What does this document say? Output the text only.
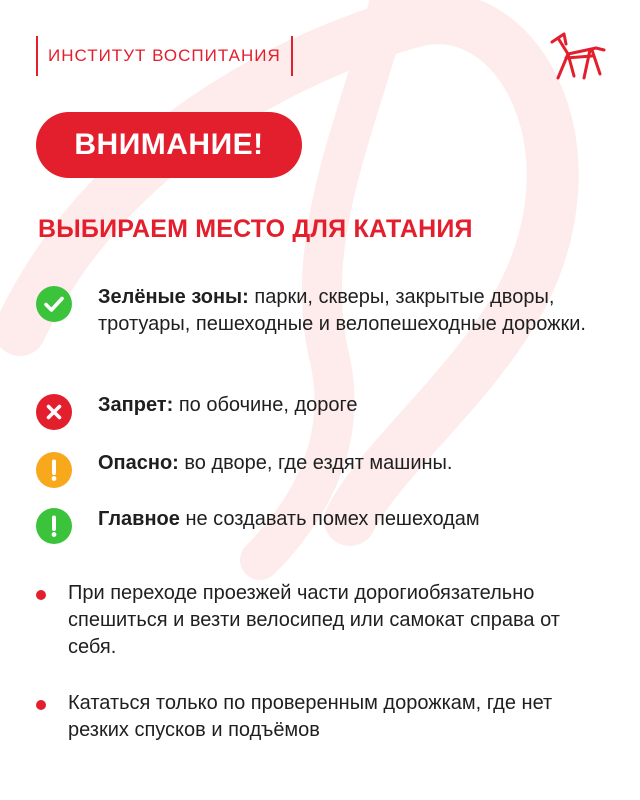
ИНСТИТУТ ВОСПИТАНИЯ
ВНИМАНИЕ!
ВЫБИРАЕМ МЕСТО ДЛЯ КАТАНИЯ
Зелёные зоны: парки, скверы, закрытые дворы, тротуары, пешеходные и велопешеходные дорожки.
Запрет: по обочине, дороге
Опасно: во дворе, где ездят машины.
Главное не создавать помех пешеходам
При переходе проезжей части дорогиобязательно спешиться и везти велосипед или самокат справа от себя.
Кататься только по проверенным дорожкам, где нет резких спусков и подъёмов
